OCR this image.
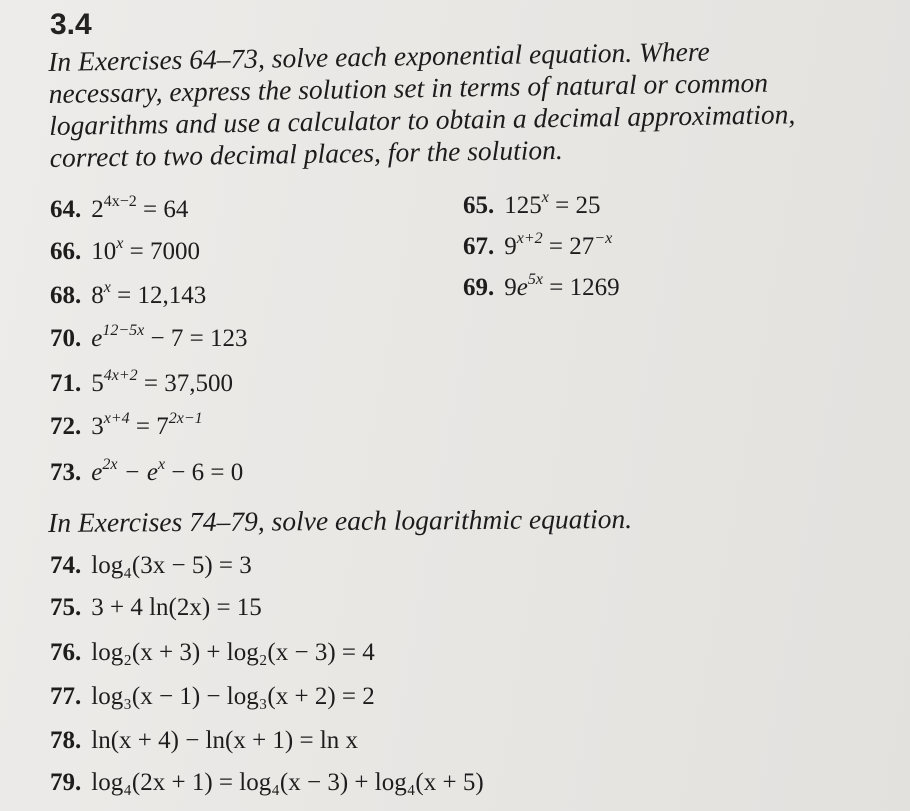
3.4
In Exercises 64–73, solve each exponential equation. Where
necessary, express the solution set in terms of natural or common
logarithms and use a calculator to obtain a decimal approximation,
correct to two decimal places, for the solution.
64. $2^{4x-2} = 64$	65. $125^x = 25$
66. $10^x = 7000$	67. $9^{x+2} = 27^{-x}$
68. $8^x = 12,143$	69. $9e^{5x} = 1269$
70. $e^{12-5x} - 7 = 123$
71. $5^{4x+2} = 37,500$
72. $3^{x+4} = 7^{2x-1}$
73. $e^{2x} - e^x - 6 = 0$
In Exercises 74–79, solve each logarithmic equation.
74. log₄(3x − 5) = 3
75. 3 + 4 ln(2x) = 15
76. log₂(x + 3) + log₂(x − 3) = 4
77. log₃(x − 1) − log₃(x + 2) = 2
78. ln(x + 4) − ln(x + 1) = ln x
79. log₄(2x + 1) = log₄(x − 3) + log₄(x + 5)
